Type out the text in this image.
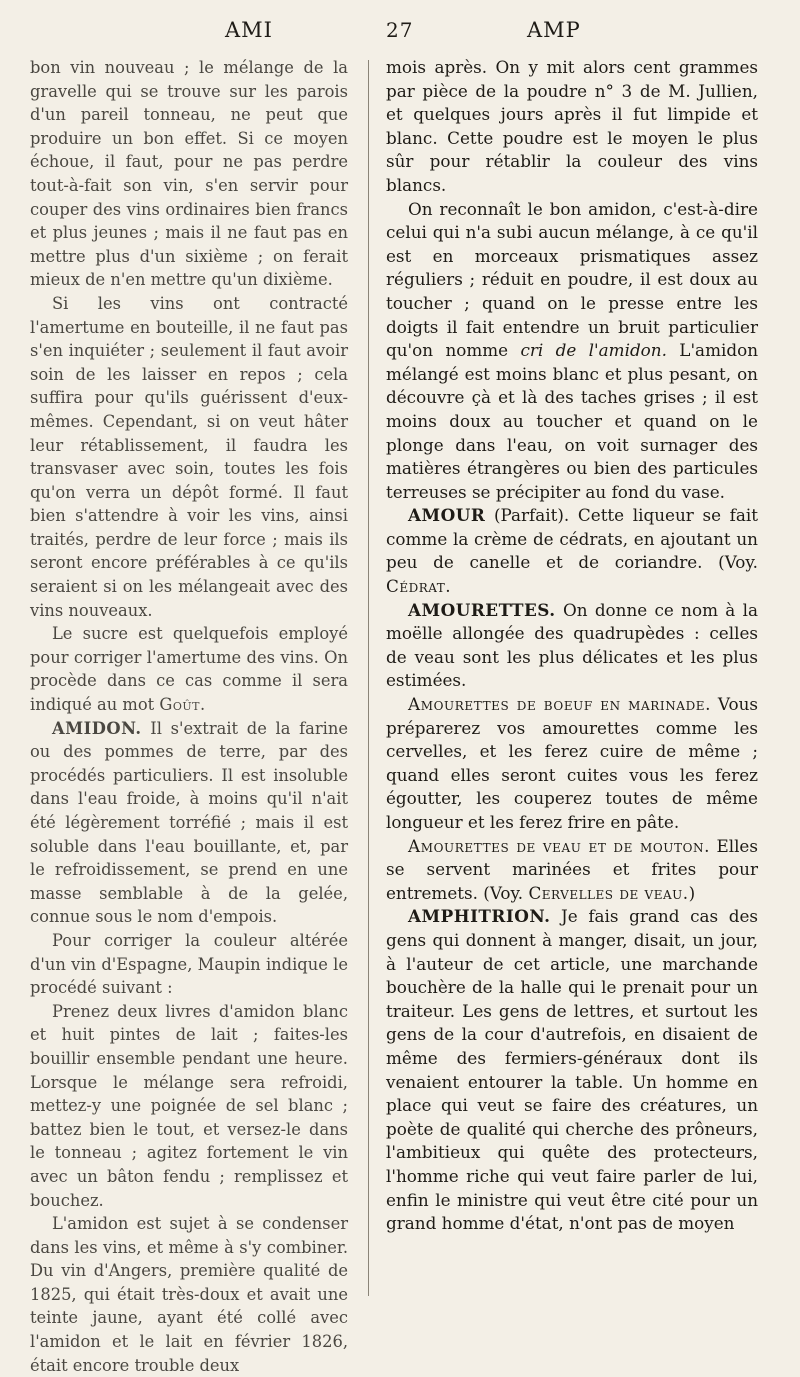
AMI	27	AMP

bon vin nouveau ; le mélange de la gravelle qui se trouve sur les parois d'un pareil tonneau, ne peut que produire un bon effet. Si ce moyen échoue, il faut, pour ne pas perdre tout-à-fait son vin, s'en servir pour couper des vins ordinaires bien francs et plus jeunes ; mais il ne faut pas en mettre plus d'un sixième ; on ferait mieux de n'en mettre qu'un dixième.

Si les vins ont contracté l'amertume en bouteille, il ne faut pas s'en inquiéter ; seulement il faut avoir soin de les laisser en repos ; cela suffira pour qu'ils guérissent d'eux-mêmes. Cependant, si on veut hâter leur rétablissement, il faudra les transvaser avec soin, toutes les fois qu'on verra un dépôt formé. Il faut bien s'attendre à voir les vins, ainsi traités, perdre de leur force ; mais ils seront encore préférables à ce qu'ils seraient si on les mélangeait avec des vins nouveaux.

Le sucre est quelquefois employé pour corriger l'amertume des vins. On procède dans ce cas comme il sera indiqué au mot Goût.

AMIDON. Il s'extrait de la farine ou des pommes de terre, par des procédés particuliers. Il est insoluble dans l'eau froide, à moins qu'il n'ait été légèrement torréfié ; mais il est soluble dans l'eau bouillante, et, par le refroidissement, se prend en une masse semblable à de la gelée, connue sous le nom d'empois.

Pour corriger la couleur altérée d'un vin d'Espagne, Maupin indique le procédé suivant :

Prenez deux livres d'amidon blanc et huit pintes de lait ; faites-les bouillir ensemble pendant une heure. Lorsque le mélange sera refroidi, mettez-y une poignée de sel blanc ; battez bien le tout, et versez-le dans le tonneau ; agitez fortement le vin avec un bâton fendu ; remplissez et bouchez.

L'amidon est sujet à se condenser dans les vins, et même à s'y combiner. Du vin d'Angers, première qualité de 1825, qui était très-doux et avait une teinte jaune, ayant été collé avec l'amidon et le lait en février 1826, était encore trouble deux

mois après. On y mit alors cent grammes par pièce de la poudre n° 3 de M. Jullien, et quelques jours après il fut limpide et blanc. Cette poudre est le moyen le plus sûr pour rétablir la couleur des vins blancs.

On reconnaît le bon amidon, c'est-à-dire celui qui n'a subi aucun mélange, à ce qu'il est en morceaux prismatiques assez réguliers ; réduit en poudre, il est doux au toucher ; quand on le presse entre les doigts il fait entendre un bruit particulier qu'on nomme cri de l'amidon. L'amidon mélangé est moins blanc et plus pesant, on découvre çà et là des taches grises ; il est moins doux au toucher et quand on le plonge dans l'eau, on voit surnager des matières étrangères ou bien des particules terreuses se précipiter au fond du vase.

AMOUR (Parfait). Cette liqueur se fait comme la crème de cédrats, en ajoutant un peu de canelle et de coriandre. (Voy. Cédrat.

AMOURETTES. On donne ce nom à la moëlle allongée des quadrupèdes : celles de veau sont les plus délicates et les plus estimées.

Amourettes de boeuf en marinade. Vous préparerez vos amourettes comme les cervelles, et les ferez cuire de même ; quand elles seront cuites vous les ferez égoutter, les couperez toutes de même longueur et les ferez frire en pâte.

Amourettes de veau et de mouton. Elles se servent marinées et frites pour entremets. (Voy. Cervelles de veau.)

AMPHITRION. Je fais grand cas des gens qui donnent à manger, disait, un jour, à l'auteur de cet article, une marchande bouchère de la halle qui le prenait pour un traiteur. Les gens de lettres, et surtout les gens de la cour d'autrefois, en disaient de même des fermiers-généraux dont ils venaient entourer la table. Un homme en place qui veut se faire des créatures, un poète de qualité qui cherche des prôneurs, l'ambitieux qui quête des protecteurs, l'homme riche qui veut faire parler de lui, enfin le ministre qui veut être cité pour un grand homme d'état, n'ont pas de moyen
